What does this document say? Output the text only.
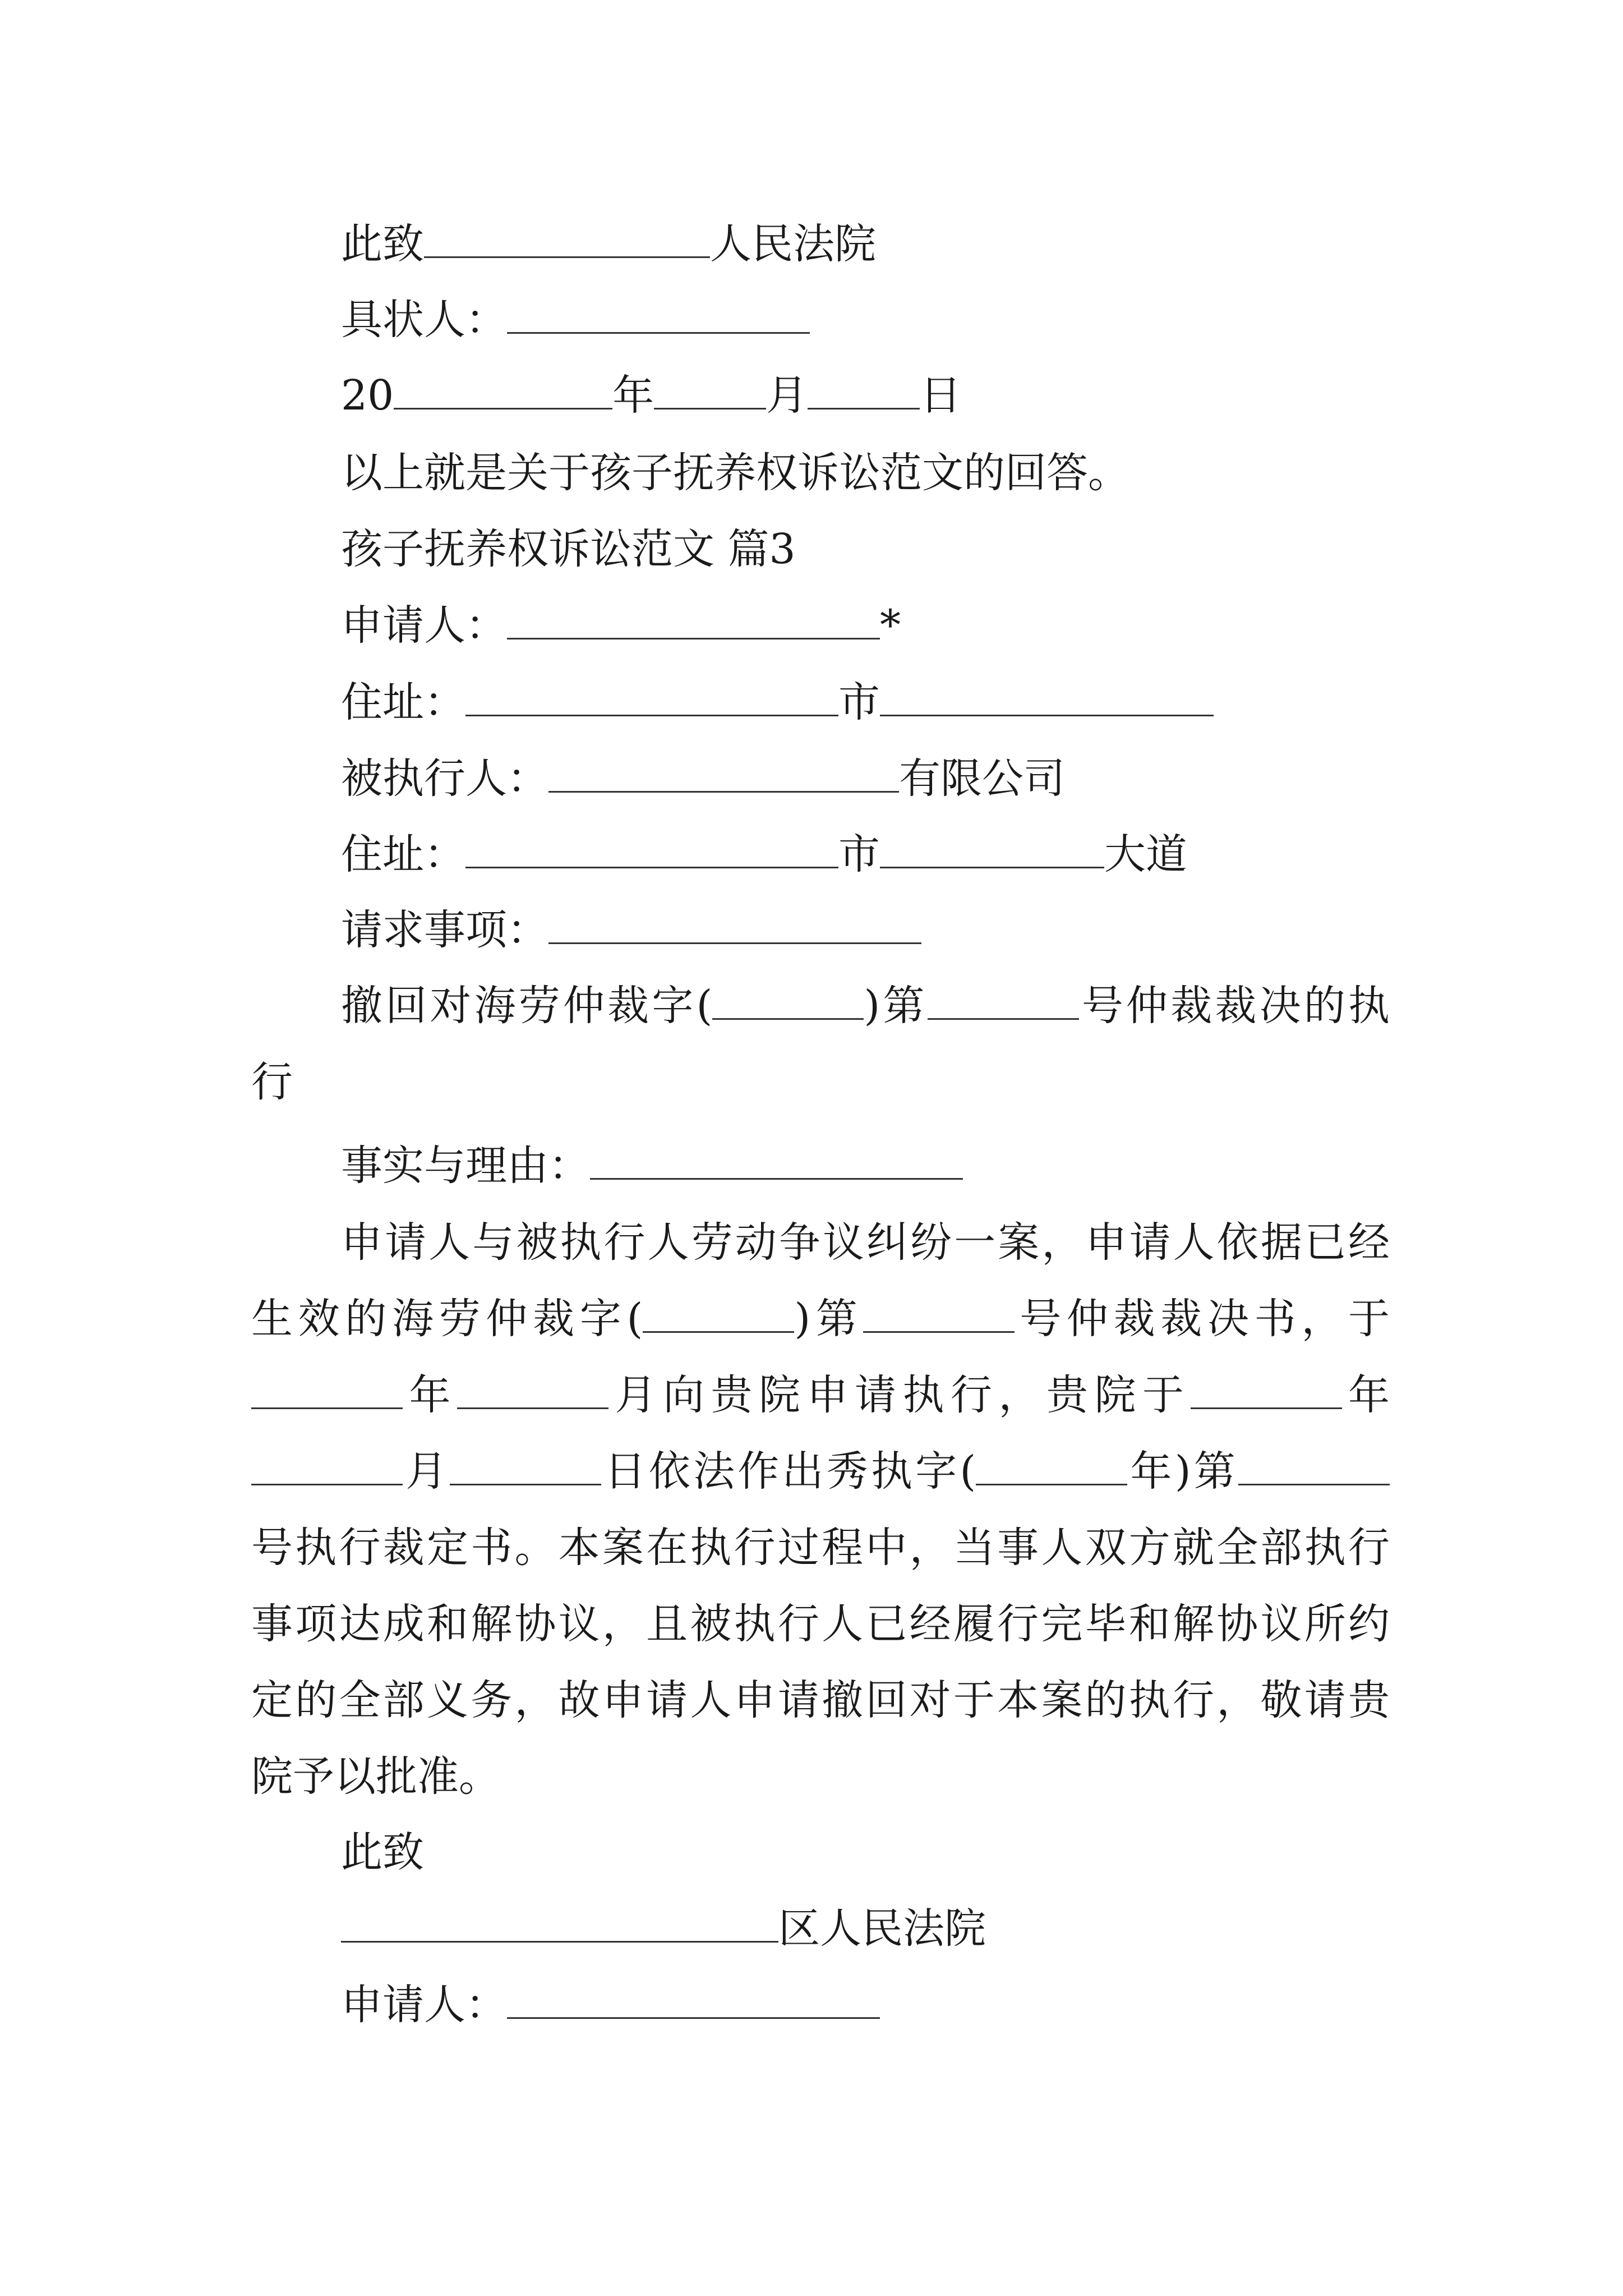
此致	人民法院
具状人：
20	年	月	日
以上就是关于孩子抚养权诉讼范文的回答。
孩子抚养权诉讼范文 篇3
申请人：	*
住址：	市
被执行人：	有限公司
住址：	市	大道
请求事项：
撤回对海劳仲裁字(	)第	号仲裁裁决的执
行
事实与理由：
申请人与被执行人劳动争议纠纷一案，申请人依据已经
生效的海劳仲裁字(	)第	号仲裁裁决书，于
年	月向贵院申请执行，贵院于	年
月	日依法作出秀执字(	年)第
号执行裁定书。本案在执行过程中，当事人双方就全部执行
事项达成和解协议，且被执行人已经履行完毕和解协议所约
定的全部义务，故申请人申请撤回对于本案的执行，敬请贵
院予以批准。
此致
区人民法院
申请人：
